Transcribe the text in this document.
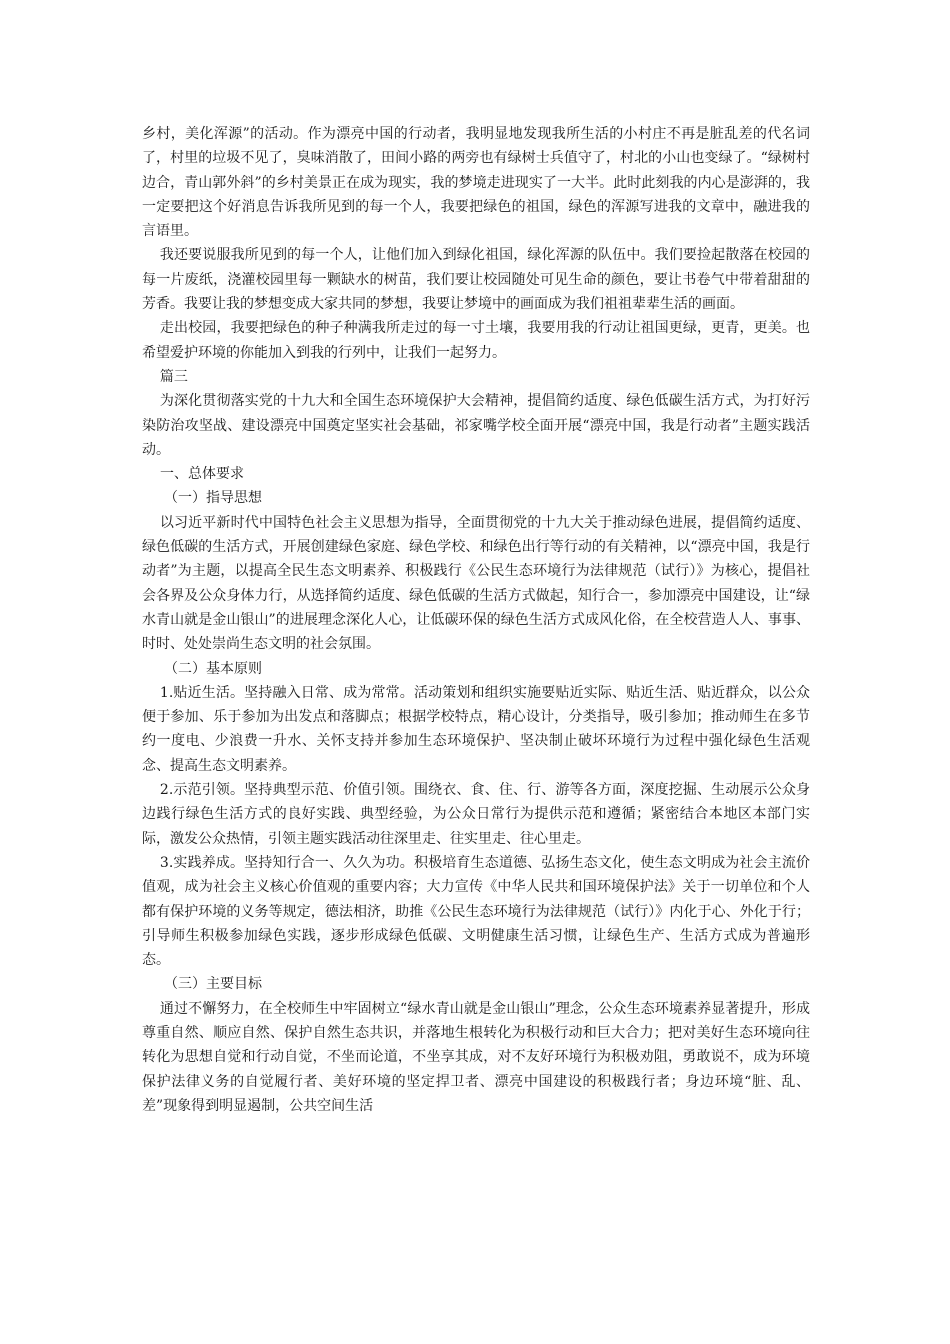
乡村，美化浑源”的活动。作为漂亮中国的行动者，我明显地发现我所生活的小村庄不再是脏乱差的代名词了，村里的垃圾不见了，臭味消散了，田间小路的两旁也有绿树士兵值守了，村北的小山也变绿了。“绿树村边合，青山郭外斜”的乡村美景正在成为现实，我的梦境走进现实了一大半。此时此刻我的内心是澎湃的，我一定要把这个好消息告诉我所见到的每一个人，我要把绿色的祖国，绿色的浑源写进我的文章中，融进我的言语里。

我还要说服我所见到的每一个人，让他们加入到绿化祖国，绿化浑源的队伍中。我们要捡起散落在校园的每一片废纸，浇灌校园里每一颗缺水的树苗，我们要让校园随处可见生命的颜色，要让书卷气中带着甜甜的芳香。我要让我的梦想变成大家共同的梦想，我要让梦境中的画面成为我们祖祖辈辈生活的画面。

走出校园，我要把绿色的种子种满我所走过的每一寸土壤，我要用我的行动让祖国更绿，更青，更美。也希望爱护环境的你能加入到我的行列中，让我们一起努力。

篇三

为深化贯彻落实党的十九大和全国生态环境保护大会精神，提倡简约适度、绿色低碳生活方式，为打好污染防治攻坚战、建设漂亮中国奠定坚实社会基础，祁家嘴学校全面开展“漂亮中国，我是行动者”主题实践活动。

一、总体要求

（一）指导思想

以习近平新时代中国特色社会主义思想为指导，全面贯彻党的十九大关于推动绿色进展，提倡简约适度、绿色低碳的生活方式，开展创建绿色家庭、绿色学校、和绿色出行等行动的有关精神，以“漂亮中国，我是行动者”为主题，以提高全民生态文明素养、积极践行《公民生态环境行为法律规范（试行）》为核心，提倡社会各界及公众身体力行，从选择简约适度、绿色低碳的生活方式做起，知行合一，参加漂亮中国建设，让“绿水青山就是金山银山”的进展理念深化人心，让低碳环保的绿色生活方式成风化俗，在全校营造人人、事事、时时、处处崇尚生态文明的社会氛围。

（二）基本原则

1.贴近生活。坚持融入日常、成为常常。活动策划和组织实施要贴近实际、贴近生活、贴近群众，以公众便于参加、乐于参加为出发点和落脚点；根据学校特点，精心设计，分类指导，吸引参加；推动师生在多节约一度电、少浪费一升水、关怀支持并参加生态环境保护、坚决制止破坏环境行为过程中强化绿色生活观念、提高生态文明素养。

2.示范引领。坚持典型示范、价值引领。围绕衣、食、住、行、游等各方面，深度挖掘、生动展示公众身边践行绿色生活方式的良好实践、典型经验，为公众日常行为提供示范和遵循；紧密结合本地区本部门实际，激发公众热情，引领主题实践活动往深里走、往实里走、往心里走。

3.实践养成。坚持知行合一、久久为功。积极培育生态道德、弘扬生态文化，使生态文明成为社会主流价值观，成为社会主义核心价值观的重要内容；大力宣传《中华人民共和国环境保护法》关于一切单位和个人都有保护环境的义务等规定，德法相济，助推《公民生态环境行为法律规范（试行）》内化于心、外化于行；引导师生积极参加绿色实践，逐步形成绿色低碳、文明健康生活习惯，让绿色生产、生活方式成为普遍形态。

（三）主要目标

通过不懈努力，在全校师生中牢固树立“绿水青山就是金山银山”理念，公众生态环境素养显著提升，形成尊重自然、顺应自然、保护自然生态共识，并落地生根转化为积极行动和巨大合力；把对美好生态环境向往转化为思想自觉和行动自觉，不坐而论道，不坐享其成，对不友好环境行为积极劝阻，勇敢说不，成为环境保护法律义务的自觉履行者、美好环境的坚定捍卫者、漂亮中国建设的积极践行者；身边环境“脏、乱、差”现象得到明显遏制，公共空间生活
